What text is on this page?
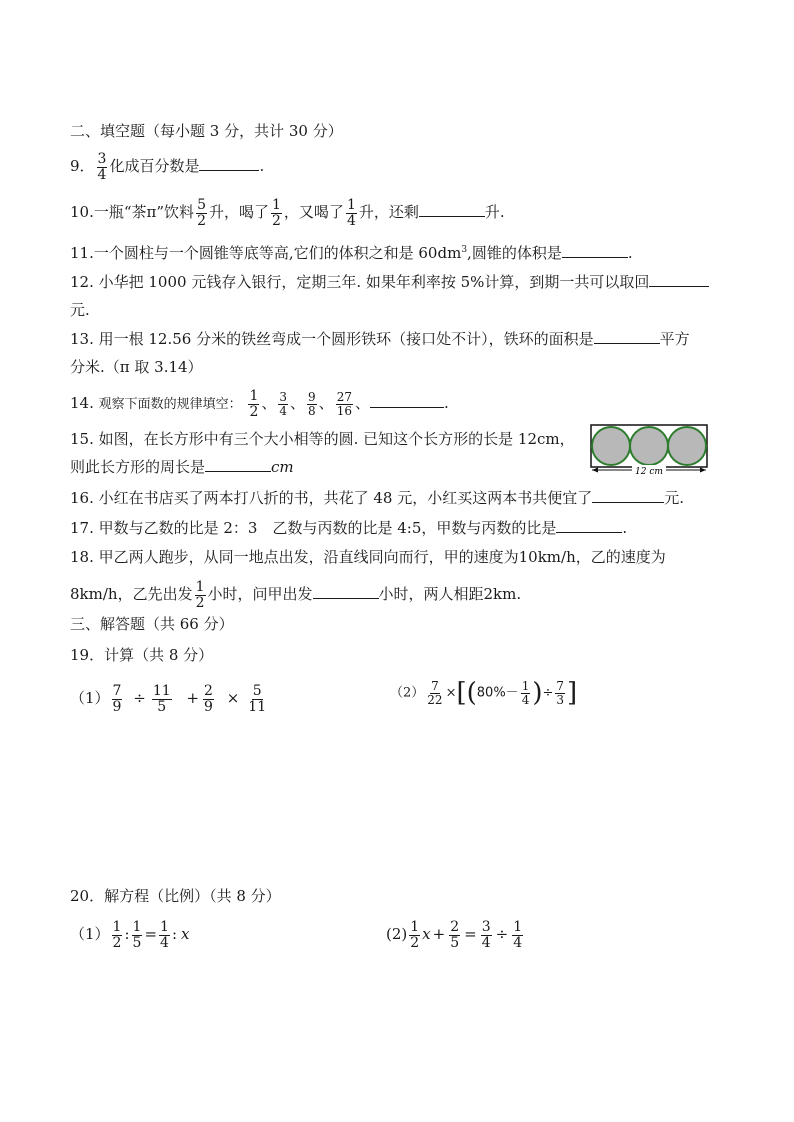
二、填空题（每小题 3 分，共计 30 分）
9． $\frac{3}{4}$ 化成百分数是	.
10.一瓶“茶π”饮料 $\frac{5}{2}$ 升，喝了 $\frac{1}{2}$ ，又喝了 $\frac{1}{4}$ 升，还剩	升.
11.一个圆柱与一个圆锥等底等高,它们的体积之和是 $60dm^3$,圆锥的体积是	.
12. 小华把 1000 元钱存入银行，定期三年. 如果年利率按 5%计算，到期一共可以取回
元.
13. 用一根 12.56 分米的铁丝弯成一个圆形铁环（接口处不计），铁环的面积是	平方
分米.（π 取 3.14）
14. 观察下面数的规律填空： $\frac{1}{2}$ 、 $\frac{3}{4}$ 、 $\frac{9}{8}$ 、 $\frac{27}{16}$ 、	.
15. 如图，在长方形中有三个大小相等的圆. 已知这个长方形的长是 12cm，
则此长方形的周长是	cm	12 cm
16. 小红在书店买了两本打八折的书，共花了 48 元，小红买这两本书共便宜了	元.
17. 甲数与乙数的比是 2：3　乙数与丙数的比是 4:5，甲数与丙数的比是	.
18. 甲乙两人跑步，从同一地点出发，沿直线同向而行，甲的速度为10km/h，乙的速度为
8km/h，乙先出发 $\frac{1}{2}$ 小时，问甲出发	小时，两人相距2km.
三、解答题（共 66 分）
19．计算（共 8 分）
$(1) \frac{7}{9} \div \frac{11}{5} + \frac{2}{9} \times \frac{5}{11}$	$(2) \frac{7}{22} \times[(80\%- \frac{1}{4}$ )÷ $\frac{7}{3}$ ]
20．解方程（比例）（共 8 分）
$(1) \frac{1}{2}$ : $\frac{1}{5} = \frac{1}{4}$ : x	$(2) \frac{1}{2}$ $x + \frac{2}{5} = \frac{3}{4} \div \frac{1}{4}$
